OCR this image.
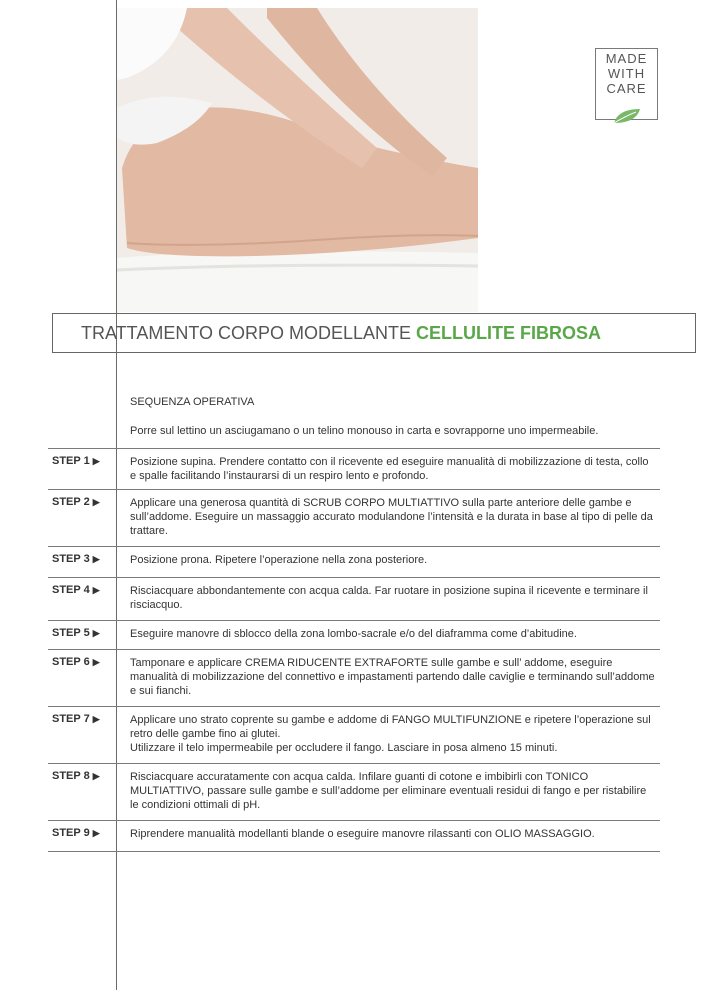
MADE
WITH
CARE
TRATTAMENTO CORPO MODELLANTE CELLULITE FIBROSA
SEQUENZA OPERATIVA
Porre sul lettino un asciugamano o un telino monouso in carta e sovrapporne uno impermeabile.
STEP 1 ▶	Posizione supina. Prendere contatto con il ricevente ed eseguire manualità di mobilizzazione di testa, collo e spalle facilitando l’instaurarsi di un respiro lento e profondo.
STEP 2 ▶	Applicare una generosa quantità di SCRUB CORPO MULTIATTIVO sulla parte anteriore delle gambe e sull’addome. Eseguire un massaggio accurato modulandone l’intensità e la durata in base al tipo di pelle da trattare.
STEP 3 ▶	Posizione prona. Ripetere l’operazione nella zona posteriore.
STEP 4 ▶	Risciacquare abbondantemente con acqua calda. Far ruotare in posizione supina il ricevente e terminare il risciacquo.
STEP 5 ▶	Eseguire manovre di sblocco della zona lombo-sacrale e/o del diaframma come d’abitudine.
STEP 6 ▶	Tamponare e applicare CREMA RIDUCENTE EXTRAFORTE sulle gambe e sull’ addome, eseguire manualità di mobilizzazione del connettivo e impastamenti partendo dalle caviglie e terminando sull’addome e sui fianchi.
STEP 7 ▶	Applicare uno strato coprente su gambe e addome di FANGO MULTIFUNZIONE e ripetere l’operazione sul retro delle gambe fino ai glutei.
Utilizzare il telo impermeabile per occludere il fango. Lasciare in posa almeno 15 minuti.
STEP 8 ▶	Risciacquare accuratamente con acqua calda. Infilare guanti di cotone e imbibirli con TONICO MULTIATTIVO, passare sulle gambe e sull’addome per eliminare eventuali residui di fango e per ristabilire le condizioni ottimali di pH.
STEP 9 ▶	Riprendere manualità modellanti blande o eseguire manovre rilassanti con OLIO MASSAGGIO.
